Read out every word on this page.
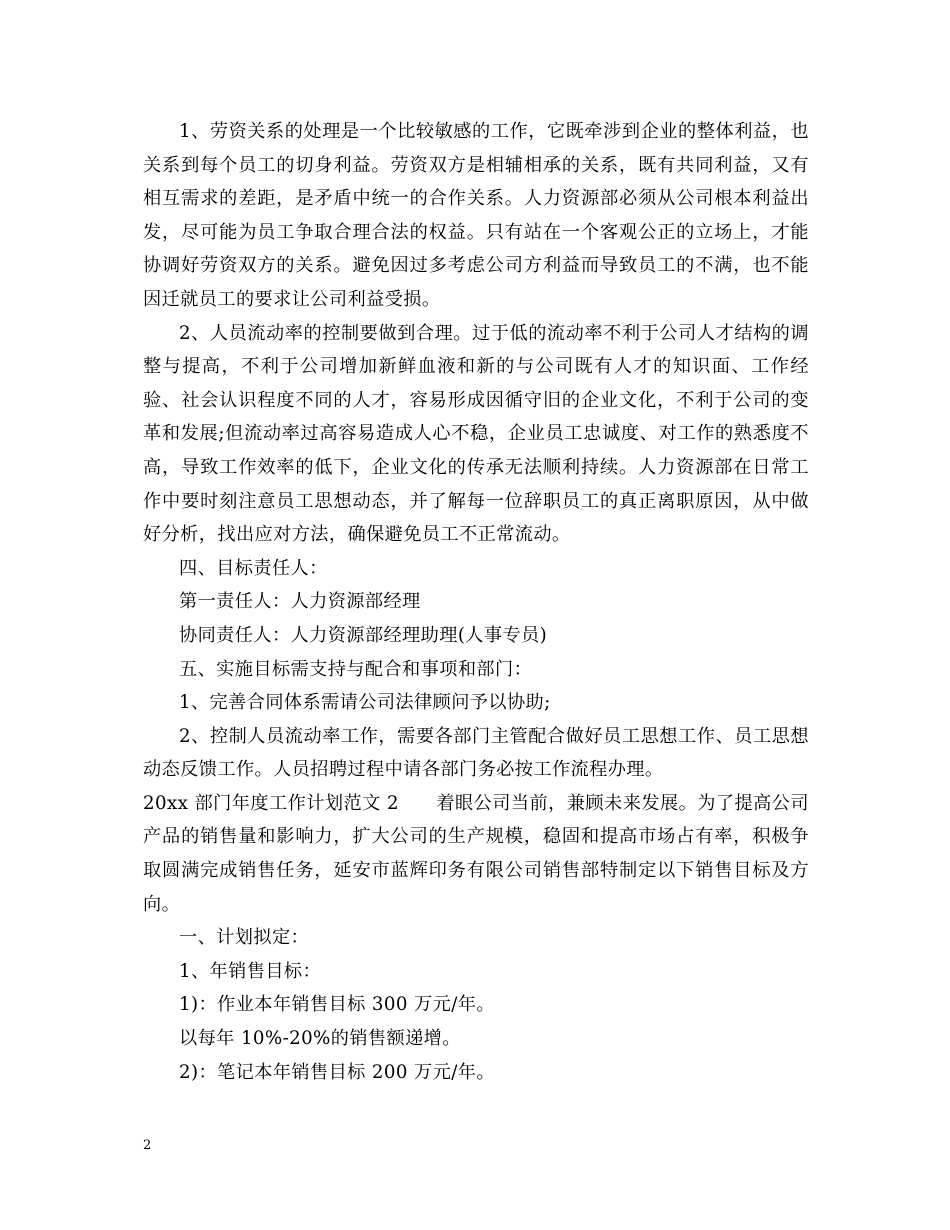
1、劳资关系的处理是一个比较敏感的工作，它既牵涉到企业的整体利益，也关系到每个员工的切身利益。劳资双方是相辅相承的关系，既有共同利益，又有相互需求的差距，是矛盾中统一的合作关系。人力资源部必须从公司根本利益出发，尽可能为员工争取合理合法的权益。只有站在一个客观公正的立场上，才能协调好劳资双方的关系。避免因过多考虑公司方利益而导致员工的不满，也不能因迁就员工的要求让公司利益受损。

2、人员流动率的控制要做到合理。过于低的流动率不利于公司人才结构的调整与提高，不利于公司增加新鲜血液和新的与公司既有人才的知识面、工作经验、社会认识程度不同的人才，容易形成因循守旧的企业文化，不利于公司的变革和发展;但流动率过高容易造成人心不稳，企业员工忠诚度、对工作的熟悉度不高，导致工作效率的低下，企业文化的传承无法顺利持续。人力资源部在日常工作中要时刻注意员工思想动态，并了解每一位辞职员工的真正离职原因，从中做好分析，找出应对方法，确保避免员工不正常流动。

四、目标责任人：

第一责任人：人力资源部经理

协同责任人：人力资源部经理助理(人事专员)

五、实施目标需支持与配合和事项和部门：

1、完善合同体系需请公司法律顾问予以协助;

2、控制人员流动率工作，需要各部门主管配合做好员工思想工作、员工思想动态反馈工作。人员招聘过程中请各部门务必按工作流程办理。

20xx 部门年度工作计划范文 2　　着眼公司当前，兼顾未来发展。为了提高公司产品的销售量和影响力，扩大公司的生产规模，稳固和提高市场占有率，积极争取圆满完成销售任务，延安市蓝辉印务有限公司销售部特制定以下销售目标及方向。

一、计划拟定：

1、年销售目标：

1)：作业本年销售目标 300 万元/年。

以每年 10%-20%的销售额递增。

2)：笔记本年销售目标 200 万元/年。

2
